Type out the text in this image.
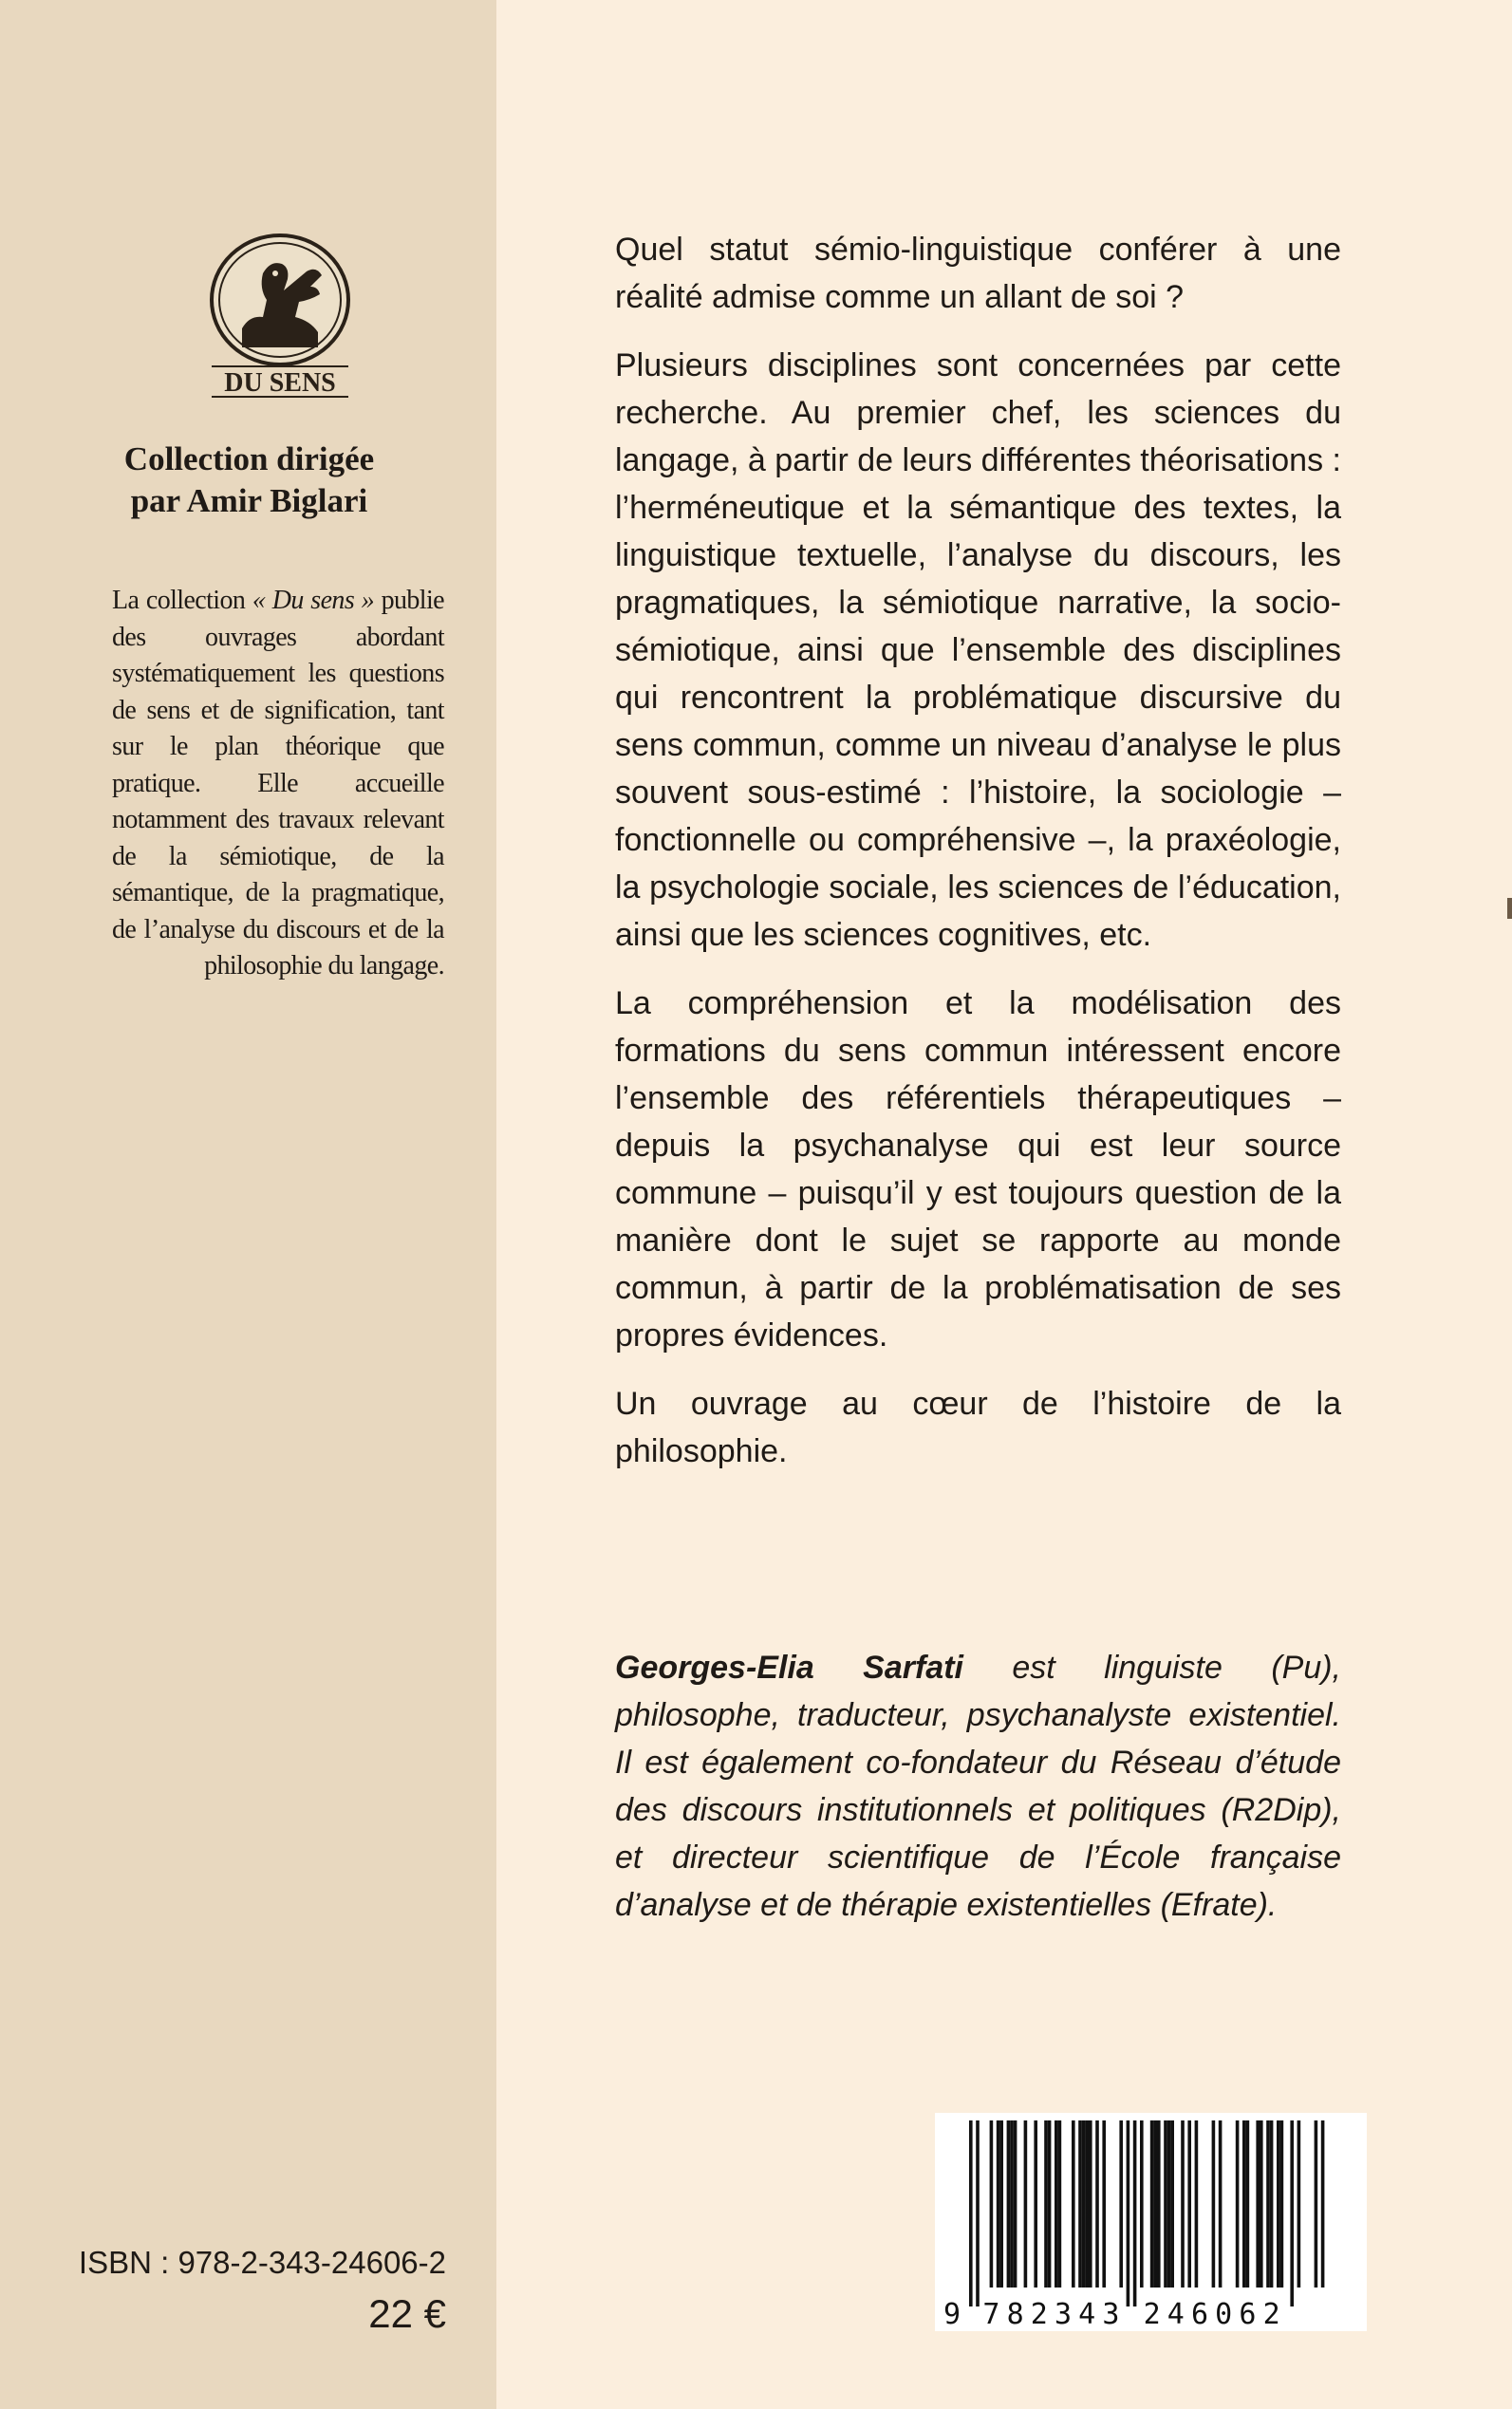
DU SENS
Collection dirigée
par Amir Biglari

La collection « Du sens » publie des ouvrages abordant systématiquement les questions de sens et de signification, tant sur le plan théorique que pratique. Elle accueille notamment des travaux relevant de la sémiotique, de la sémantique, de la pragmatique, de l’analyse du discours et de la philosophie du langage.

ISBN : 978-2-343-24606-2
22 €

Quel statut sémio-linguistique conférer à une réalité admise comme un allant de soi ?

Plusieurs disciplines sont concernées par cette recherche. Au premier chef, les sciences du langage, à partir de leurs différentes théorisations : l’herméneutique et la sémantique des textes, la linguistique textuelle, l’analyse du discours, les pragmatiques, la sémiotique narrative, la socio-sémiotique, ainsi que l’ensemble des disciplines qui rencontrent la problématique discursive du sens commun, comme un niveau d’analyse le plus souvent sous-estimé : l’histoire, la sociologie – fonctionnelle ou compréhensive –, la praxéologie, la psychologie sociale, les sciences de l’éducation, ainsi que les sciences cognitives, etc.

La compréhension et la modélisation des formations du sens commun intéressent encore l’ensemble des référentiels thérapeutiques – depuis la psychanalyse qui est leur source commune – puisqu’il y est toujours question de la manière dont le sujet se rapporte au monde commun, à partir de la problématisation de ses propres évidences.

Un ouvrage au cœur de l’histoire de la philosophie.

Georges-Elia Sarfati est linguiste (Pu), philosophe, traducteur, psychanalyste existentiel. Il est également co-fondateur du Réseau d’étude des discours institutionnels et politiques (R2Dip), et directeur scientifique de l’École française d’analyse et de thérapie existentielles (Efrate).
9 7 8 2 3 4 3 2 4 6 0 6 2
